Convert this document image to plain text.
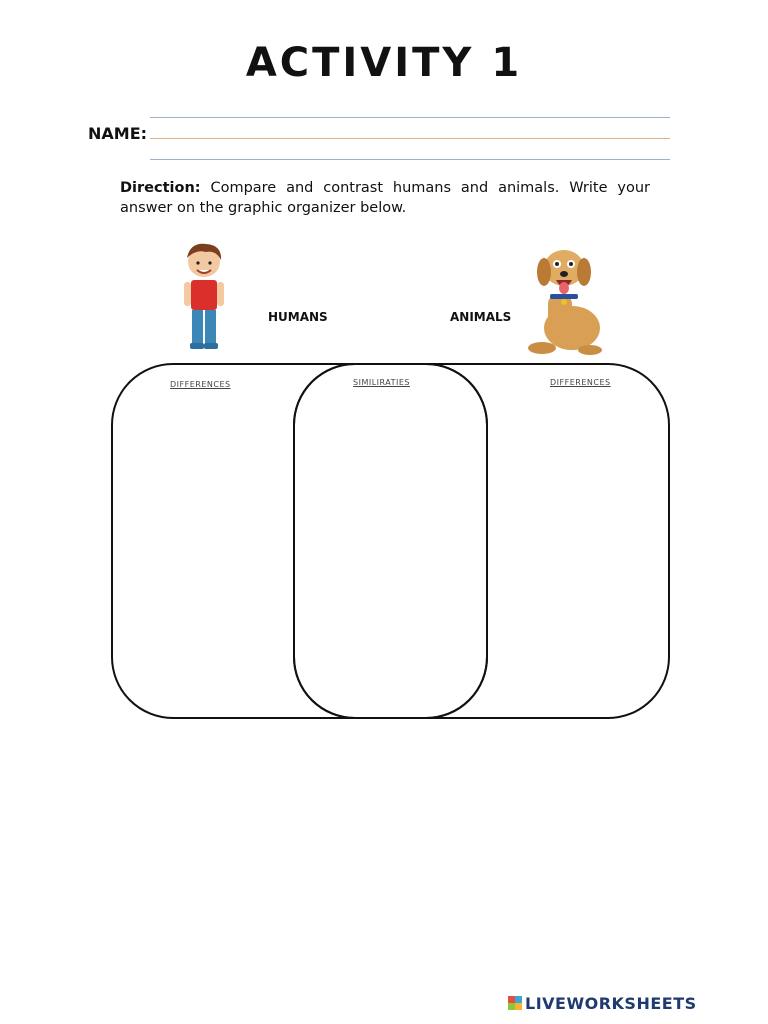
ACTIVITY 1
NAME:
Direction: Compare and contrast humans and animals. Write your answer on the graphic organizer below.
HUMANS	ANIMALS
DIFFERENCES	SIMILIRATIES	DIFFERENCES
LIVEWORKSHEETS
